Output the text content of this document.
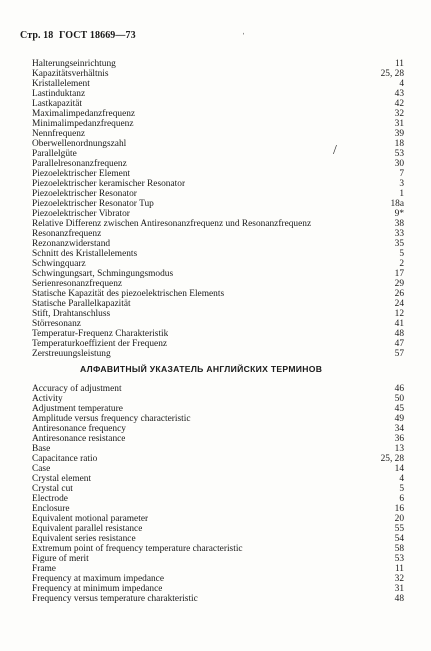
Стр. 18 ГОСТ 18669—73
ˌ
/
Halterungseinrichtung	11
Kapazitätsverhältnis	25, 28
Kristallelement	4
Lastinduktanz	43
Lastkapazität	42
Maximalimpedanzfrequenz	32
Minimalimpedanzfrequenz	31
Nennfrequenz	39
Oberwellenordnungszahl	18
Parallelgüte	53
Parallelresonanzfrequenz	30
Piezoelektrischer Element	7
Piezoelektrischer keramischer Resonator	3
Piezoelektrischer Resonator	1
Piezoelektrischer Resonator Tup	18a
Piezoelektrischer Vibrator	9*
Relative Differenz zwischen Antiresonanzfrequenz und Resonanzfrequenz	38
Resonanzfrequenz	33
Rezonanzwiderstand	35
Schnitt des Kristallelements	5
Schwingquarz	2
Schwingungsart, Schmingungsmodus	17
Serienresonanzfrequenz	29
Statische Kapazität des piezoelektrischen Elements	26
Statische Parallelkapazität	24
Stift, Drahtanschluss	12
Störresonanz	41
Temperatur-Frequenz Charakteristik	48
Temperaturkoeffizient der Frequenz	47
Zerstreuungsleistung	57
АЛФАВИТНЫЙ УКАЗАТЕЛЬ АНГЛИЙСКИХ ТЕРМИНОВ
Accuracy of adjustment	46
Activity	50
Adjustment temperature	45
Amplitude versus frequency characteristic	49
Antiresonance frequency	34
Antiresonance resistance	36
Base	13
Capacitance ratio	25, 28
Case	14
Crystal element	4
Crystal cut	5
Electrode	6
Enclosure	16
Equivalent motional parameter	20
Equivalent parallel resistance	55
Equivalent series resistance	54
Extremum point of frequency temperature characteristic	58
Figure of merit	53
Frame	11
Frequency at maximum impedance	32
Frequency at minimum impedance	31
Frequency versus temperature charakteristic	48
